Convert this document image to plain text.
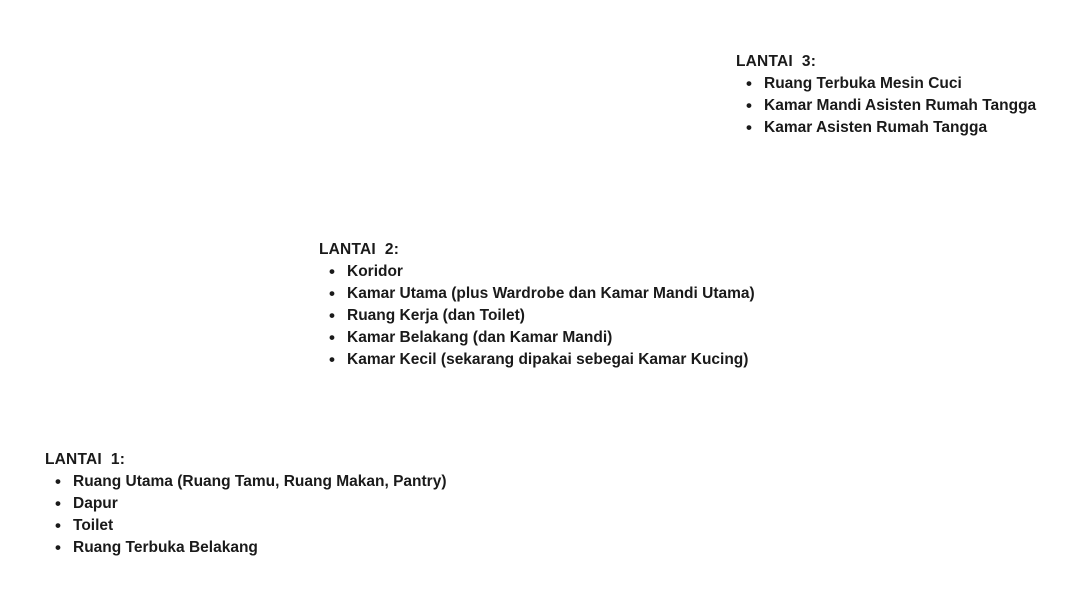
LANTAI  3:
• Ruang Terbuka Mesin Cuci
• Kamar Mandi Asisten Rumah Tangga
• Kamar Asisten Rumah Tangga
LANTAI  2:
• Koridor
• Kamar Utama (plus Wardrobe dan Kamar Mandi Utama)
• Ruang Kerja (dan Toilet)
• Kamar Belakang (dan Kamar Mandi)
• Kamar Kecil (sekarang dipakai sebegai Kamar Kucing)
LANTAI  1:
• Ruang Utama (Ruang Tamu, Ruang Makan, Pantry)
• Dapur
• Toilet
• Ruang Terbuka Belakang
